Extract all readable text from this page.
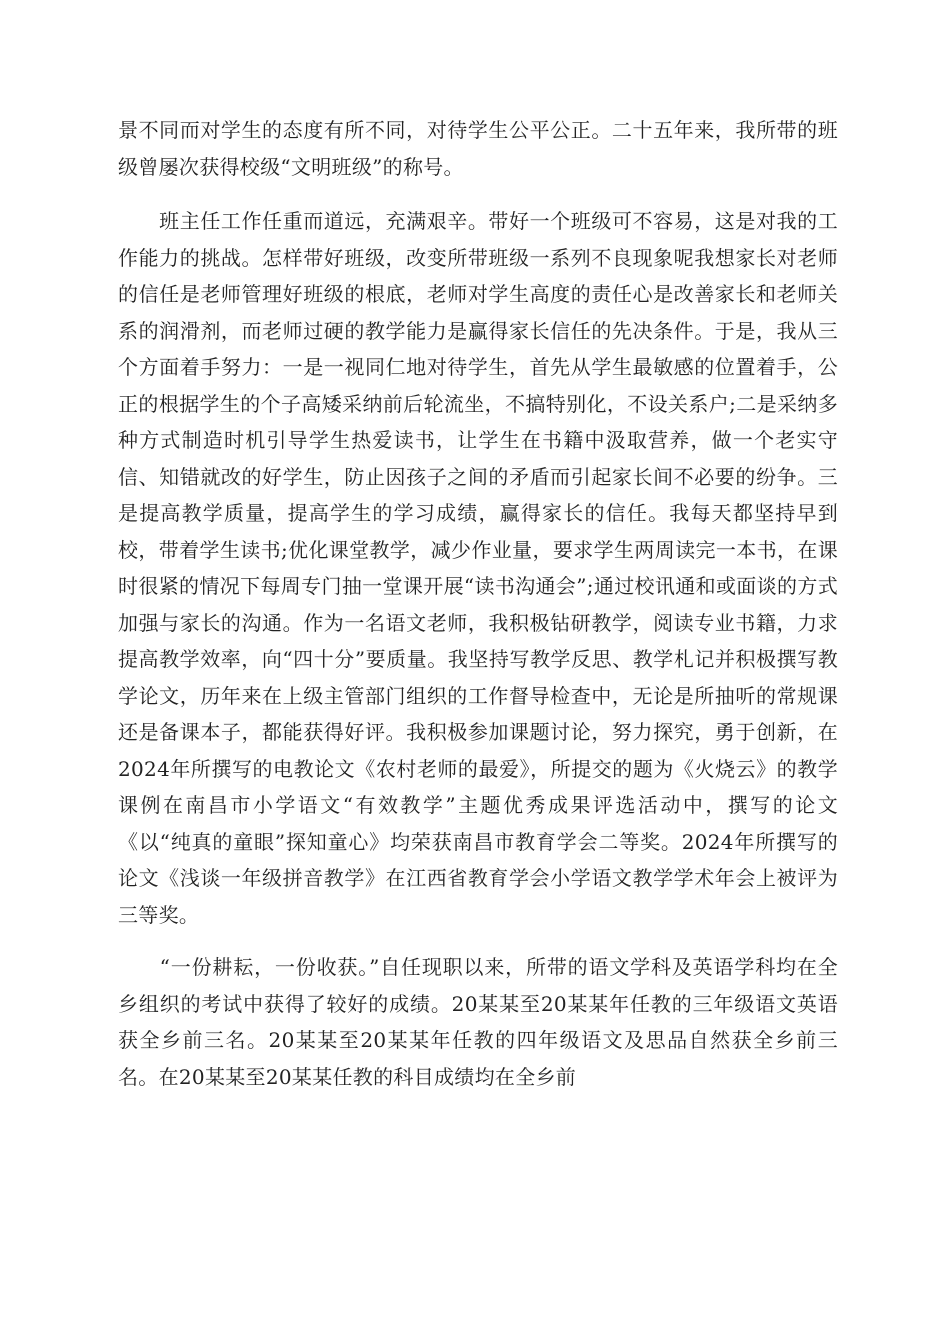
景不同而对学生的态度有所不同，对待学生公平公正。二十五年来，我所带的班级曾屡次获得校级“文明班级”的称号。

　　班主任工作任重而道远，充满艰辛。带好一个班级可不容易，这是对我的工作能力的挑战。怎样带好班级，改变所带班级一系列不良现象呢我想家长对老师的信任是老师管理好班级的根底，老师对学生高度的责任心是改善家长和老师关系的润滑剂，而老师过硬的教学能力是赢得家长信任的先决条件。于是，我从三个方面着手努力：一是一视同仁地对待学生，首先从学生最敏感的位置着手，公正的根据学生的个子高矮采纳前后轮流坐，不搞特别化，不设关系户;二是采纳多种方式制造时机引导学生热爱读书，让学生在书籍中汲取营养，做一个老实守信、知错就改的好学生，防止因孩子之间的矛盾而引起家长间不必要的纷争。三是提高教学质量，提高学生的学习成绩，赢得家长的信任。我每天都坚持早到校，带着学生读书;优化课堂教学，减少作业量，要求学生两周读完一本书，在课时很紧的情况下每周专门抽一堂课开展“读书沟通会”;通过校讯通和或面谈的方式加强与家长的沟通。作为一名语文老师，我积极钻研教学，阅读专业书籍，力求提高教学效率，向“四十分”要质量。我坚持写教学反思、教学札记并积极撰写教学论文，历年来在上级主管部门组织的工作督导检查中，无论是所抽听的常规课还是备课本子，都能获得好评。我积极参加课题讨论，努力探究，勇于创新，在2024年所撰写的电教论文《农村老师的最爱》，所提交的题为《火烧云》的教学课例在南昌市小学语文“有效教学”主题优秀成果评选活动中，撰写的论文《以“纯真的童眼”探知童心》均荣获南昌市教育学会二等奖。2024年所撰写的论文《浅谈一年级拼音教学》在江西省教育学会小学语文教学学术年会上被评为三等奖。

　　“一份耕耘，一份收获。”自任现职以来，所带的语文学科及英语学科均在全乡组织的考试中获得了较好的成绩。20某某至20某某年任教的三年级语文英语获全乡前三名。20某某至20某某年任教的四年级语文及思品自然获全乡前三名。在20某某至20某某任教的科目成绩均在全乡前
